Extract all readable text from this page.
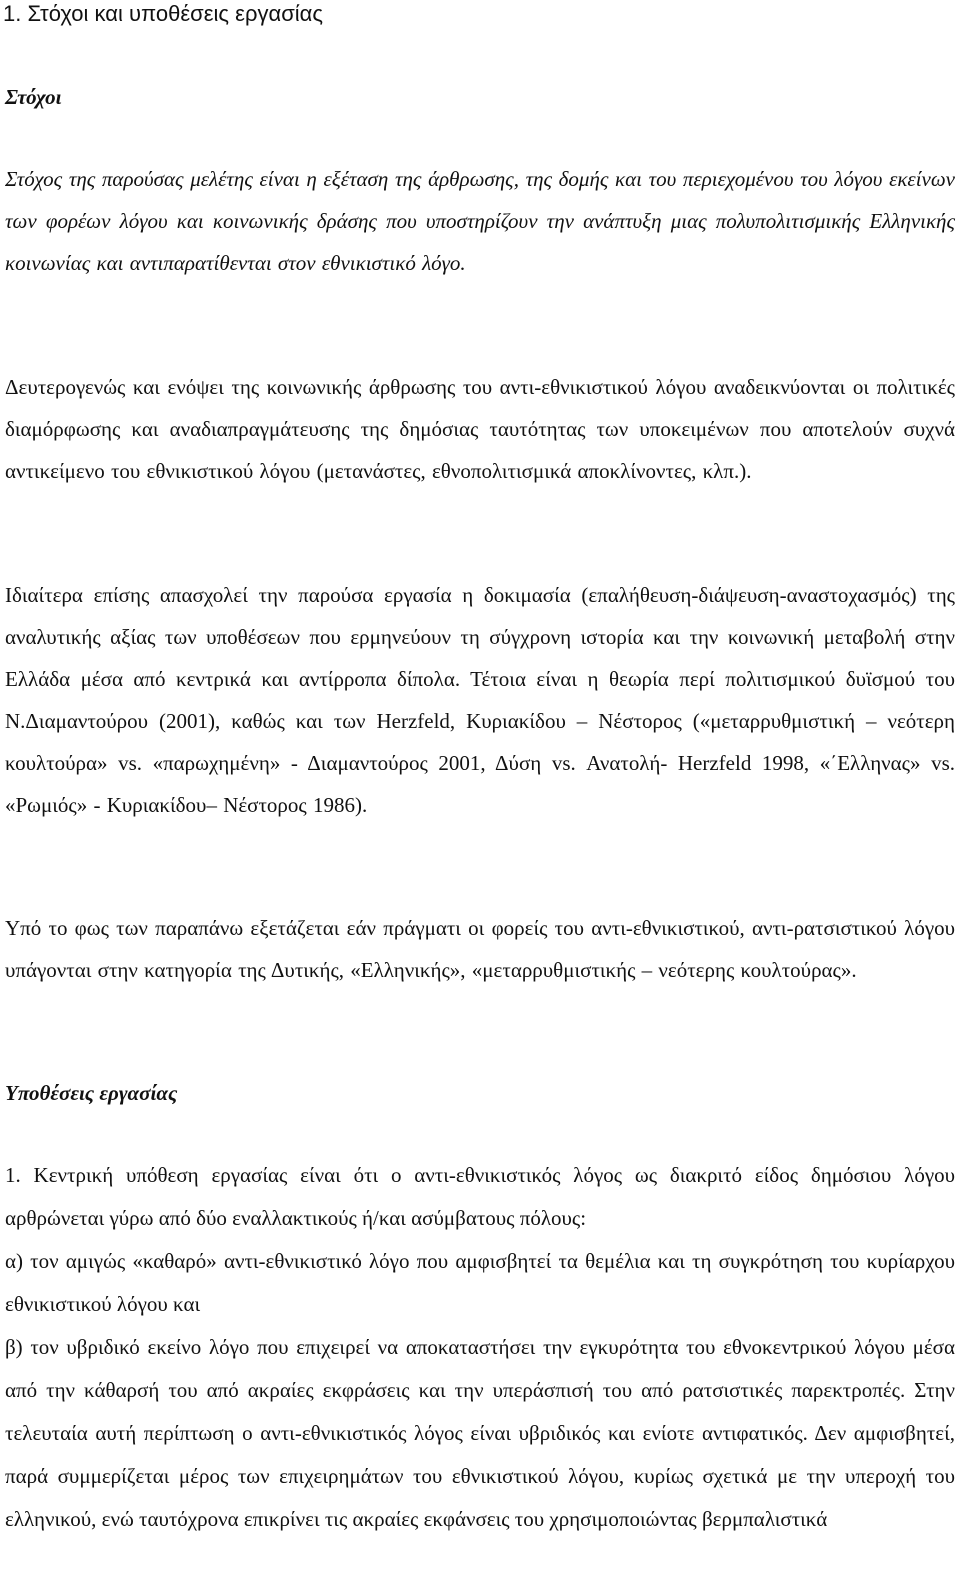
1. Στόχοι και υποθέσεις εργασίας
Στόχοι

Στόχος της παρούσας μελέτης είναι η εξέταση της άρθρωσης, της δομής και του περιεχομένου του λόγου εκείνων των φορέων λόγου και κοινωνικής δράσης που υποστηρίζουν την ανάπτυξη μιας πολυπολιτισμικής Ελληνικής κοινωνίας και αντιπαρατίθενται στον εθνικιστικό λόγο.

Δευτερογενώς και ενόψει της κοινωνικής άρθρωσης του αντι-εθνικιστικού λόγου αναδεικνύονται οι πολιτικές διαμόρφωσης και αναδιαπραγμάτευσης της δημόσιας ταυτότητας των υποκειμένων που αποτελούν συχνά αντικείμενο του εθνικιστικού λόγου (μετανάστες, εθνοπολιτισμικά αποκλίνοντες, κλπ.).

Ιδιαίτερα επίσης απασχολεί την παρούσα εργασία η δοκιμασία (επαλήθευση-διάψευση-αναστοχασμός) της αναλυτικής αξίας των υποθέσεων που ερμηνεύουν τη σύγχρονη ιστορία και την κοινωνική μεταβολή στην Ελλάδα μέσα από κεντρικά και αντίρροπα δίπολα. Τέτοια είναι η θεωρία περί πολιτισμικού δυϊσμού του Ν.Διαμαντούρου (2001), καθώς και των Herzfeld, Κυριακίδου – Νέστορος («μεταρρυθμιστική – νεότερη κουλτούρα» vs. «παρωχημένη» - Διαμαντούρος 2001, Δύση vs. Ανατολή- Herzfeld 1998, «΄Ελληνας» vs. «Ρωμιός» - Κυριακίδου– Νέστορος 1986).

Υπό το φως των παραπάνω εξετάζεται εάν πράγματι οι φορείς του αντι-εθνικιστικού, αντι-ρατσιστικού λόγου υπάγονται στην κατηγορία της Δυτικής, «Ελληνικής», «μεταρρυθμιστικής – νεότερης κουλτούρας».

Υποθέσεις εργασίας

1. Κεντρική υπόθεση εργασίας είναι ότι ο αντι-εθνικιστικός λόγος ως διακριτό είδος δημόσιου λόγου αρθρώνεται γύρω από δύο εναλλακτικούς ή/και ασύμβατους πόλους:

α) τον αμιγώς «καθαρό» αντι-εθνικιστικό λόγο που αμφισβητεί τα θεμέλια και τη συγκρότηση του κυρίαρχου εθνικιστικού λόγου και

β) τον υβριδικό εκείνο λόγο που επιχειρεί να αποκαταστήσει την εγκυρότητα του εθνοκεντρικού λόγου μέσα από την κάθαρσή του από ακραίες εκφράσεις και την υπεράσπισή του από ρατσιστικές παρεκτροπές. Στην τελευταία αυτή περίπτωση ο αντι-εθνικιστικός λόγος είναι υβριδικός και ενίοτε αντιφατικός. Δεν αμφισβητεί, παρά συμμερίζεται μέρος των επιχειρημάτων του εθνικιστικού λόγου, κυρίως σχετικά με την υπεροχή του ελληνικού, ενώ ταυτόχρονα επικρίνει τις ακραίες εκφάνσεις του χρησιμοποιώντας βερμπαλιστικά
